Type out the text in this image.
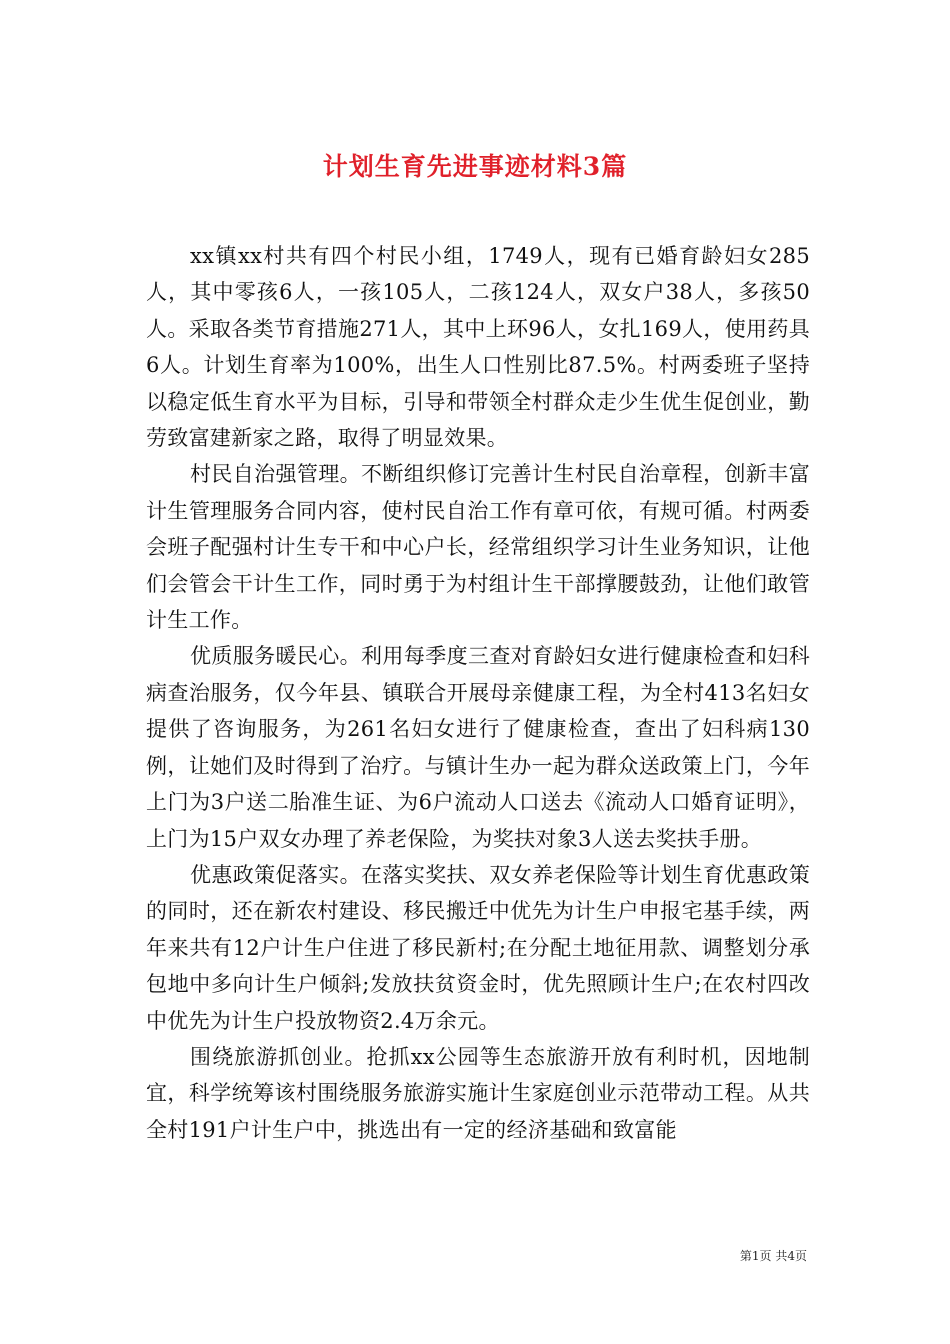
计划生育先进事迹材料3篇

xx镇xx村共有四个村民小组，1749人，现有已婚育龄妇女285人，其中零孩6人，一孩105人，二孩124人，双女户38人，多孩50人。采取各类节育措施271人，其中上环96人，女扎169人，使用药具6人。计划生育率为100%，出生人口性别比87.5%。村两委班子坚持以稳定低生育水平为目标，引导和带领全村群众走少生优生促创业，勤劳致富建新家之路，取得了明显效果。

村民自治强管理。不断组织修订完善计生村民自治章程，创新丰富计生管理服务合同内容，使村民自治工作有章可依，有规可循。村两委会班子配强村计生专干和中心户长，经常组织学习计生业务知识，让他们会管会干计生工作，同时勇于为村组计生干部撑腰鼓劲，让他们敢管计生工作。

优质服务暖民心。利用每季度三查对育龄妇女进行健康检查和妇科病查治服务，仅今年县、镇联合开展母亲健康工程，为全村413名妇女提供了咨询服务，为261名妇女进行了健康检查，查出了妇科病130例，让她们及时得到了治疗。与镇计生办一起为群众送政策上门，今年上门为3户送二胎准生证、为6户流动人口送去《流动人口婚育证明》，上门为15户双女办理了养老保险，为奖扶对象3人送去奖扶手册。

优惠政策促落实。在落实奖扶、双女养老保险等计划生育优惠政策的同时，还在新农村建设、移民搬迁中优先为计生户申报宅基手续，两年来共有12户计生户住进了移民新村;在分配土地征用款、调整划分承包地中多向计生户倾斜;发放扶贫资金时，优先照顾计生户;在农村四改中优先为计生户投放物资2.4万余元。

围绕旅游抓创业。抢抓xx公园等生态旅游开放有利时机，因地制宜，科学统筹该村围绕服务旅游实施计生家庭创业示范带动工程。从共全村191户计生户中，挑选出有一定的经济基础和致富能

第1页 共4页
